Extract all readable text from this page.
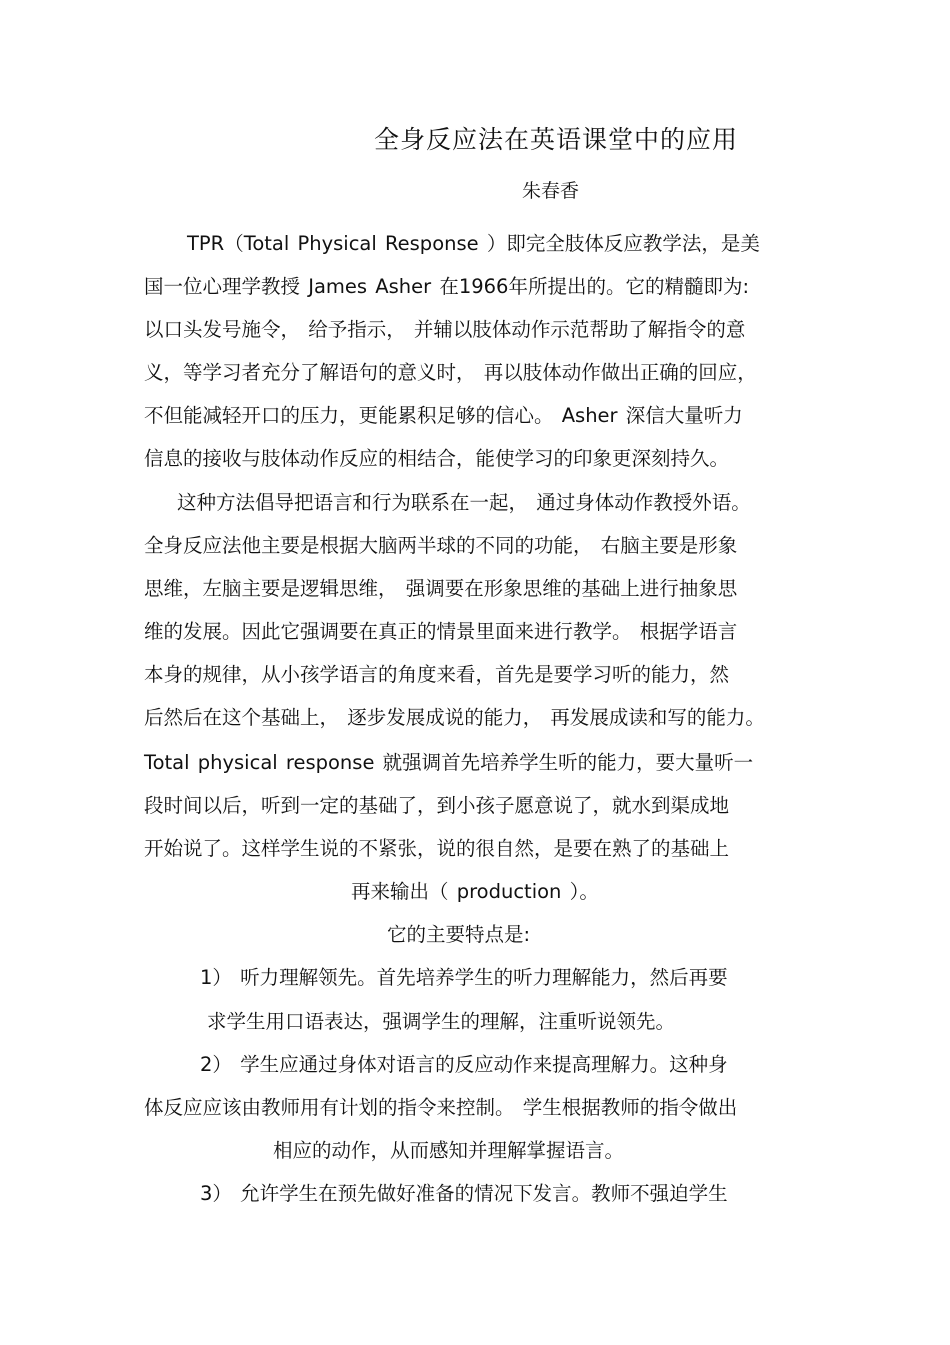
全身反应法在英语课堂中的应用
朱春香
TPR（Total Physical Response ）即完全肢体反应教学法，是美
国一位心理学教授 James Asher 在1966年所提出的。它的精髓即为:
以口头发号施令， 给予指示， 并辅以肢体动作示范帮助了解指令的意
义，等学习者充分了解语句的意义时， 再以肢体动作做出正确的回应，
不但能减轻开口的压力，更能累积足够的信心。 Asher 深信大量听力
信息的接收与肢体动作反应的相结合，能使学习的印象更深刻持久。
这种方法倡导把语言和行为联系在一起， 通过身体动作教授外语。
全身反应法他主要是根据大脑两半球的不同的功能， 右脑主要是形象
思维，左脑主要是逻辑思维， 强调要在形象思维的基础上进行抽象思
维的发展。因此它强调要在真正的情景里面来进行教学。 根据学语言
本身的规律，从小孩学语言的角度来看，首先是要学习听的能力，然
后然后在这个基础上， 逐步发展成说的能力， 再发展成读和写的能力。
Total physical response 就强调首先培养学生听的能力，要大量听一
段时间以后，听到一定的基础了，到小孩子愿意说了，就水到渠成地
开始说了。这样学生说的不紧张，说的很自然，是要在熟了的基础上
再来输出（ production ）。
它的主要特点是:
1） 听力理解领先。首先培养学生的听力理解能力，然后再要
求学生用口语表达，强调学生的理解，注重听说领先。
2） 学生应通过身体对语言的反应动作来提高理解力。这种身
体反应应该由教师用有计划的指令来控制。 学生根据教师的指令做出
相应的动作，从而感知并理解掌握语言。
3） 允许学生在预先做好准备的情况下发言。教师不强迫学生
